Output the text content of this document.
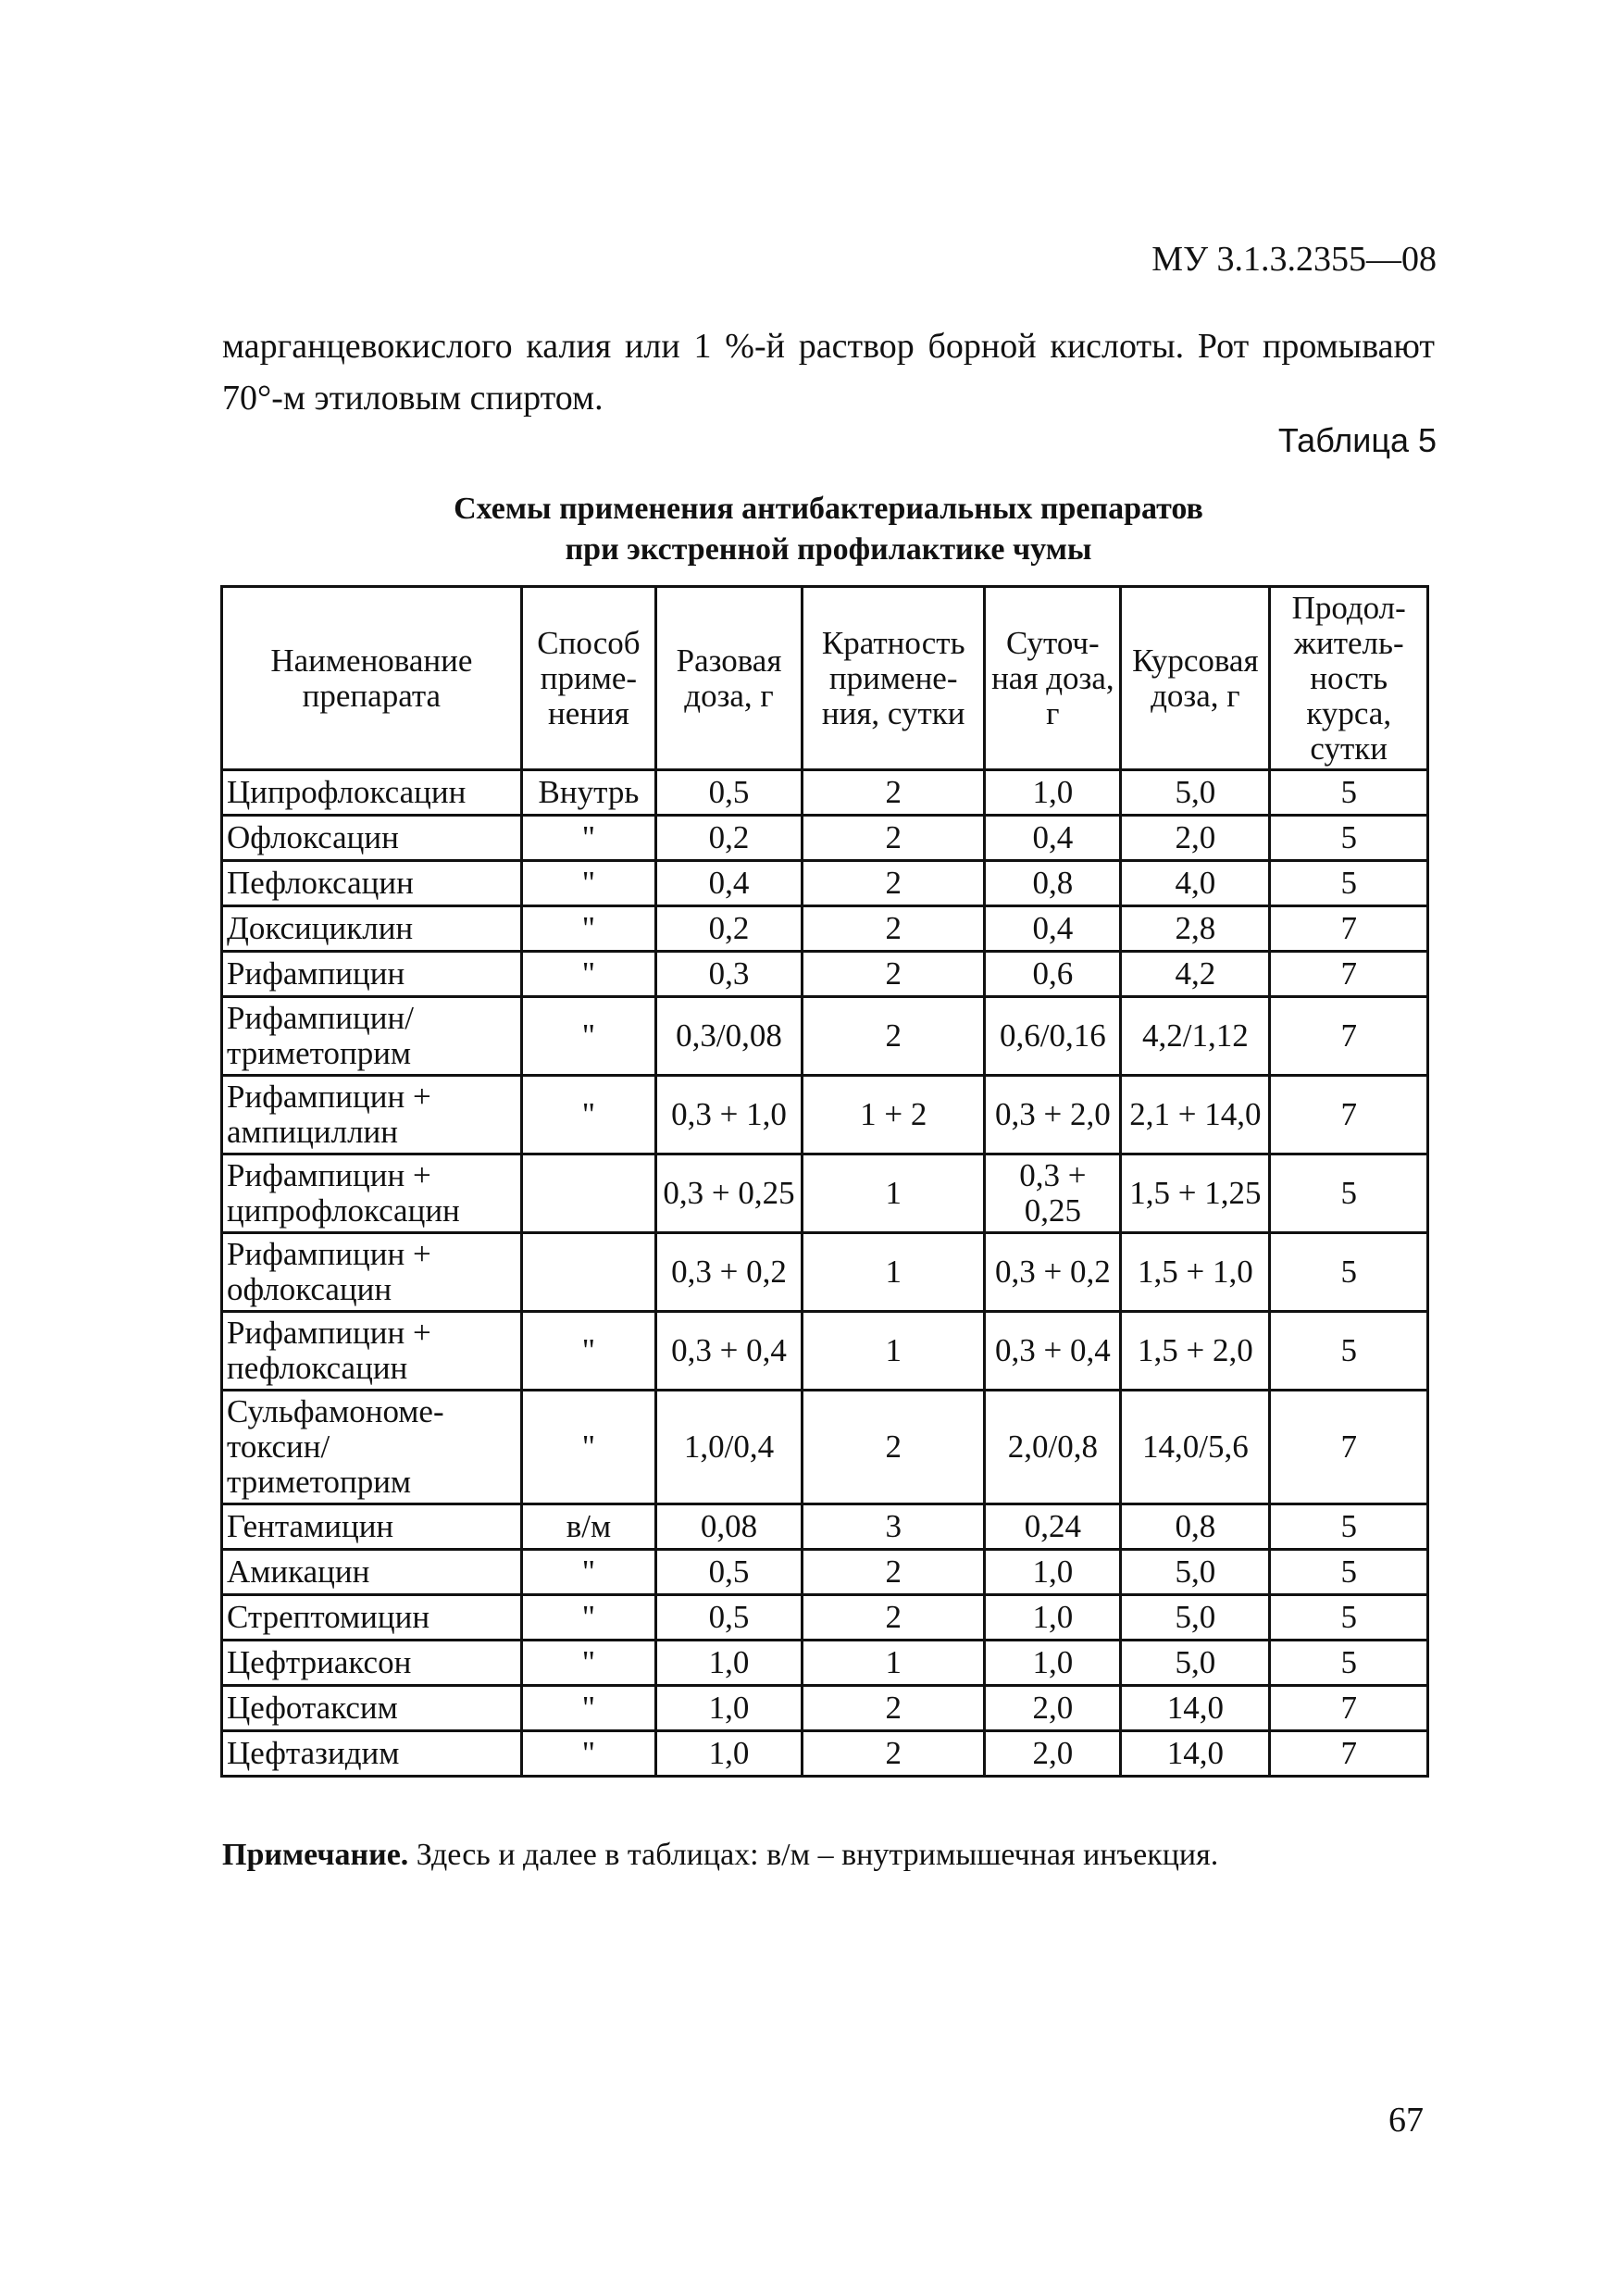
МУ 3.1.3.2355—08
марганцевокислого калия или 1 %-й раствор борной кислоты. Рот промывают 70°-м этиловым спиртом.
Таблица 5
Схемы применения антибактериальных препаратов
при экстренной профилактике чумы
Наименование препарата	Способ применения	Разовая доза, г	Кратность применения, сутки	Суточная доза, г	Курсовая доза, г	Продолжительность курса, сутки
Ципрофлоксацин	Внутрь	0,5	2	1,0	5,0	5
Офлоксацин	"	0,2	2	0,4	2,0	5
Пефлоксацин	"	0,4	2	0,8	4,0	5
Доксициклин	"	0,2	2	0,4	2,8	7
Рифампицин	"	0,3	2	0,6	4,2	7
Рифампицин/ триметоприм	"	0,3/0,08	2	0,6/0,16	4,2/1,12	7
Рифампицин + ампициллин	"	0,3 + 1,0	1 + 2	0,3 + 2,0	2,1 + 14,0	7
Рифампицин + ципрофлоксацин		0,3 + 0,25	1	0,3 + 0,25	1,5 + 1,25	5
Рифампицин + офлоксацин		0,3 + 0,2	1	0,3 + 0,2	1,5 + 1,0	5
Рифампицин + пефлоксацин	"	0,3 + 0,4	1	0,3 + 0,4	1,5 + 2,0	5
Сульфамонометоксин/ триметоприм	"	1,0/0,4	2	2,0/0,8	14,0/5,6	7
Гентамицин	в/м	0,08	3	0,24	0,8	5
Амикацин	"	0,5	2	1,0	5,0	5
Стрептомицин	"	0,5	2	1,0	5,0	5
Цефтриаксон	"	1,0	1	1,0	5,0	5
Цефотаксим	"	1,0	2	2,0	14,0	7
Цефтазидим	"	1,0	2	2,0	14,0	7
Примечание. Здесь и далее в таблицах: в/м – внутримышечная инъекция.
67
